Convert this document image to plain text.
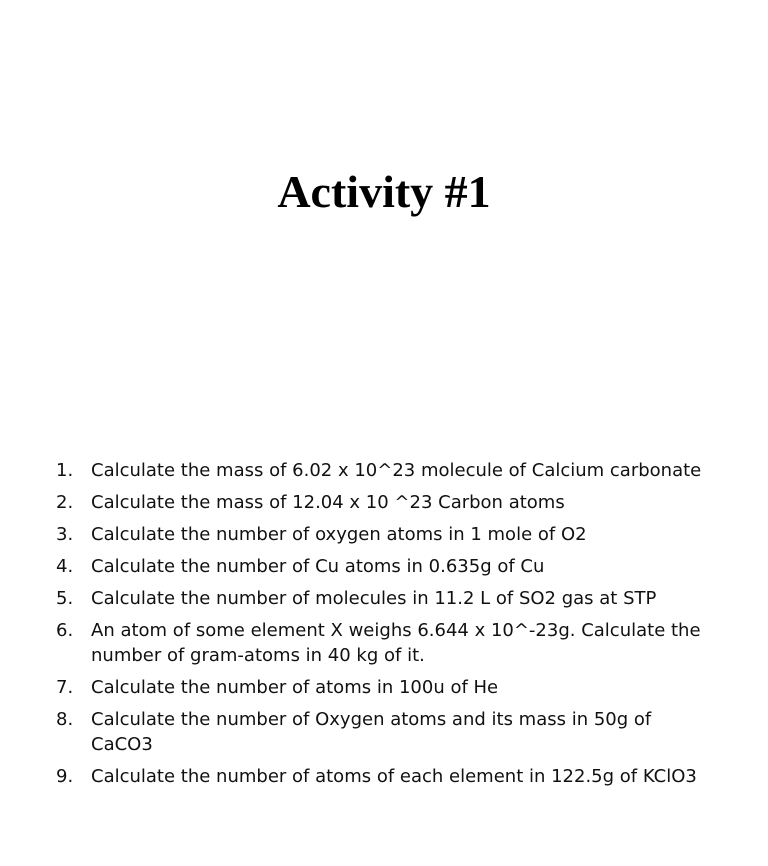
Activity #1
1. Calculate the mass of 6.02 x 10^23 molecule of Calcium carbonate
2. Calculate the mass of 12.04 x 10 ^23 Carbon atoms
3. Calculate the number of oxygen atoms in 1 mole of O2
4. Calculate the number of Cu atoms in 0.635g of Cu
5. Calculate the number of molecules in 11.2 L of SO2 gas at STP
6. An atom of some element X weighs 6.644 x 10^-23g. Calculate the
number of gram-atoms in 40 kg of it.
7. Calculate the number of atoms in 100u of He
8. Calculate the number of Oxygen atoms and its mass in 50g of
CaCO3
9. Calculate the number of atoms of each element in 122.5g of KClO3
